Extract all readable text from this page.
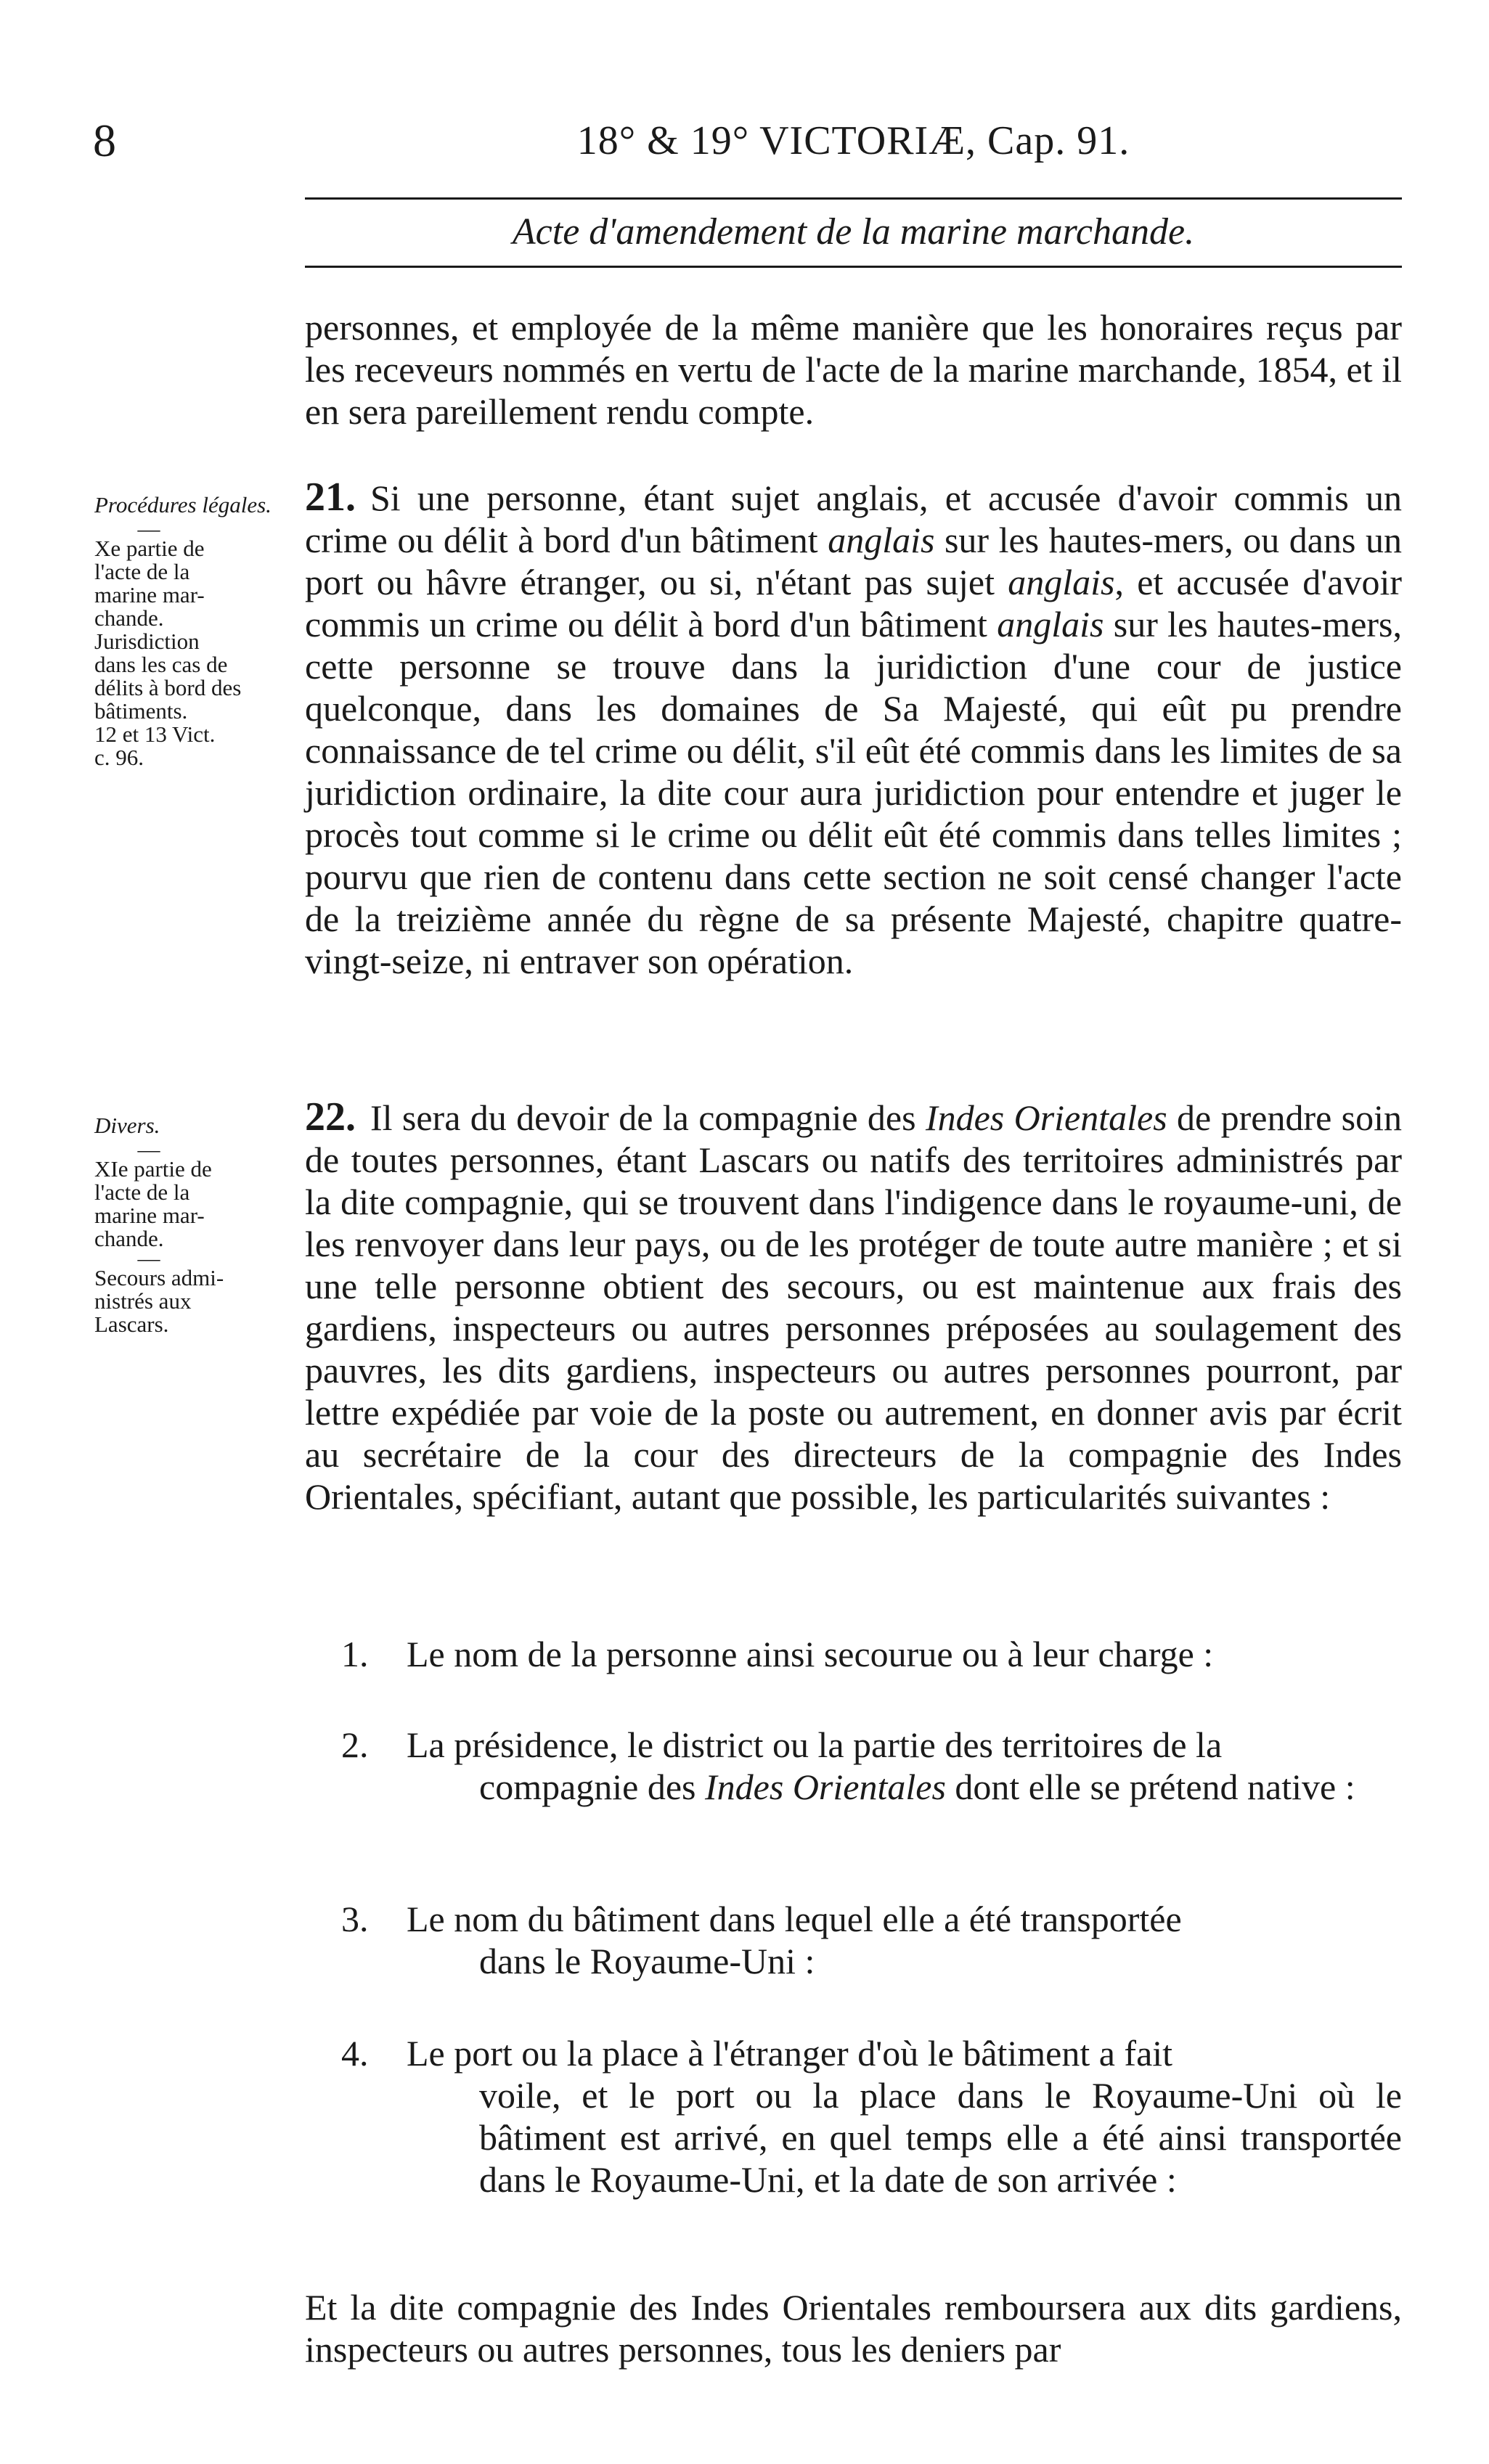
8	18° & 19° VICTORIÆ, Cap. 91.
Acte d'amendement de la marine marchande.
personnes, et employée de la même manière que les honoraires reçus par les receveurs nommés en vertu de l'acte de la marine marchande, 1854, et il en sera pareillement rendu compte.
Procédures légales.
—
Xe partie de
l'acte de la
marine mar-
chande.
Jurisdiction
dans les cas de
délits à bord des
bâtiments.
12 et 13 Vict.
c. 96.
21. Si une personne, étant sujet anglais, et accusée d'avoir commis un crime ou délit à bord d'un bâtiment anglais sur les hautes-mers, ou dans un port ou hâvre étranger, ou si, n'étant pas sujet anglais, et accusée d'avoir commis un crime ou délit à bord d'un bâtiment anglais sur les hautes-mers, cette personne se trouve dans la juridiction d'une cour de justice quelconque, dans les domaines de Sa Majesté, qui eût pu prendre connaissance de tel crime ou délit, s'il eût été commis dans les limites de sa juridiction ordinaire, la dite cour aura juridiction pour entendre et juger le procès tout comme si le crime ou délit eût été commis dans telles limites ; pourvu que rien de contenu dans cette section ne soit censé changer l'acte de la treizième année du règne de sa présente Majesté, chapitre quatre-vingt-seize, ni entraver son opération.
Divers.
—
XIe partie de
l'acte de la
marine mar-
chande.
—
Secours admi-
nistrés aux
Lascars.
22. Il sera du devoir de la compagnie des Indes Orientales de prendre soin de toutes personnes, étant Lascars ou natifs des territoires administrés par la dite compagnie, qui se trouvent dans l'indigence dans le royaume-uni, de les renvoyer dans leur pays, ou de les protéger de toute autre manière ; et si une telle personne obtient des secours, ou est maintenue aux frais des gardiens, inspecteurs ou autres personnes préposées au soulagement des pauvres, les dits gardiens, inspecteurs ou autres personnes pourront, par lettre expédiée par voie de la poste ou autrement, en donner avis par écrit au secrétaire de la cour des directeurs de la compagnie des Indes Orientales, spécifiant, autant que possible, les particularités suivantes :
1. Le nom de la personne ainsi secourue ou à leur charge :
2. La présidence, le district ou la partie des territoires de la
compagnie des Indes Orientales dont elle se prétend native :
3. Le nom du bâtiment dans lequel elle a été transportée
dans le Royaume-Uni :
4. Le port ou la place à l'étranger d'où le bâtiment a fait
voile, et le port ou la place dans le Royaume-Uni où le bâtiment est arrivé, en quel temps elle a été ainsi transportée dans le Royaume-Uni, et la date de son arrivée :
Et la dite compagnie des Indes Orientales remboursera aux dits gardiens, inspecteurs ou autres personnes, tous les deniers par
